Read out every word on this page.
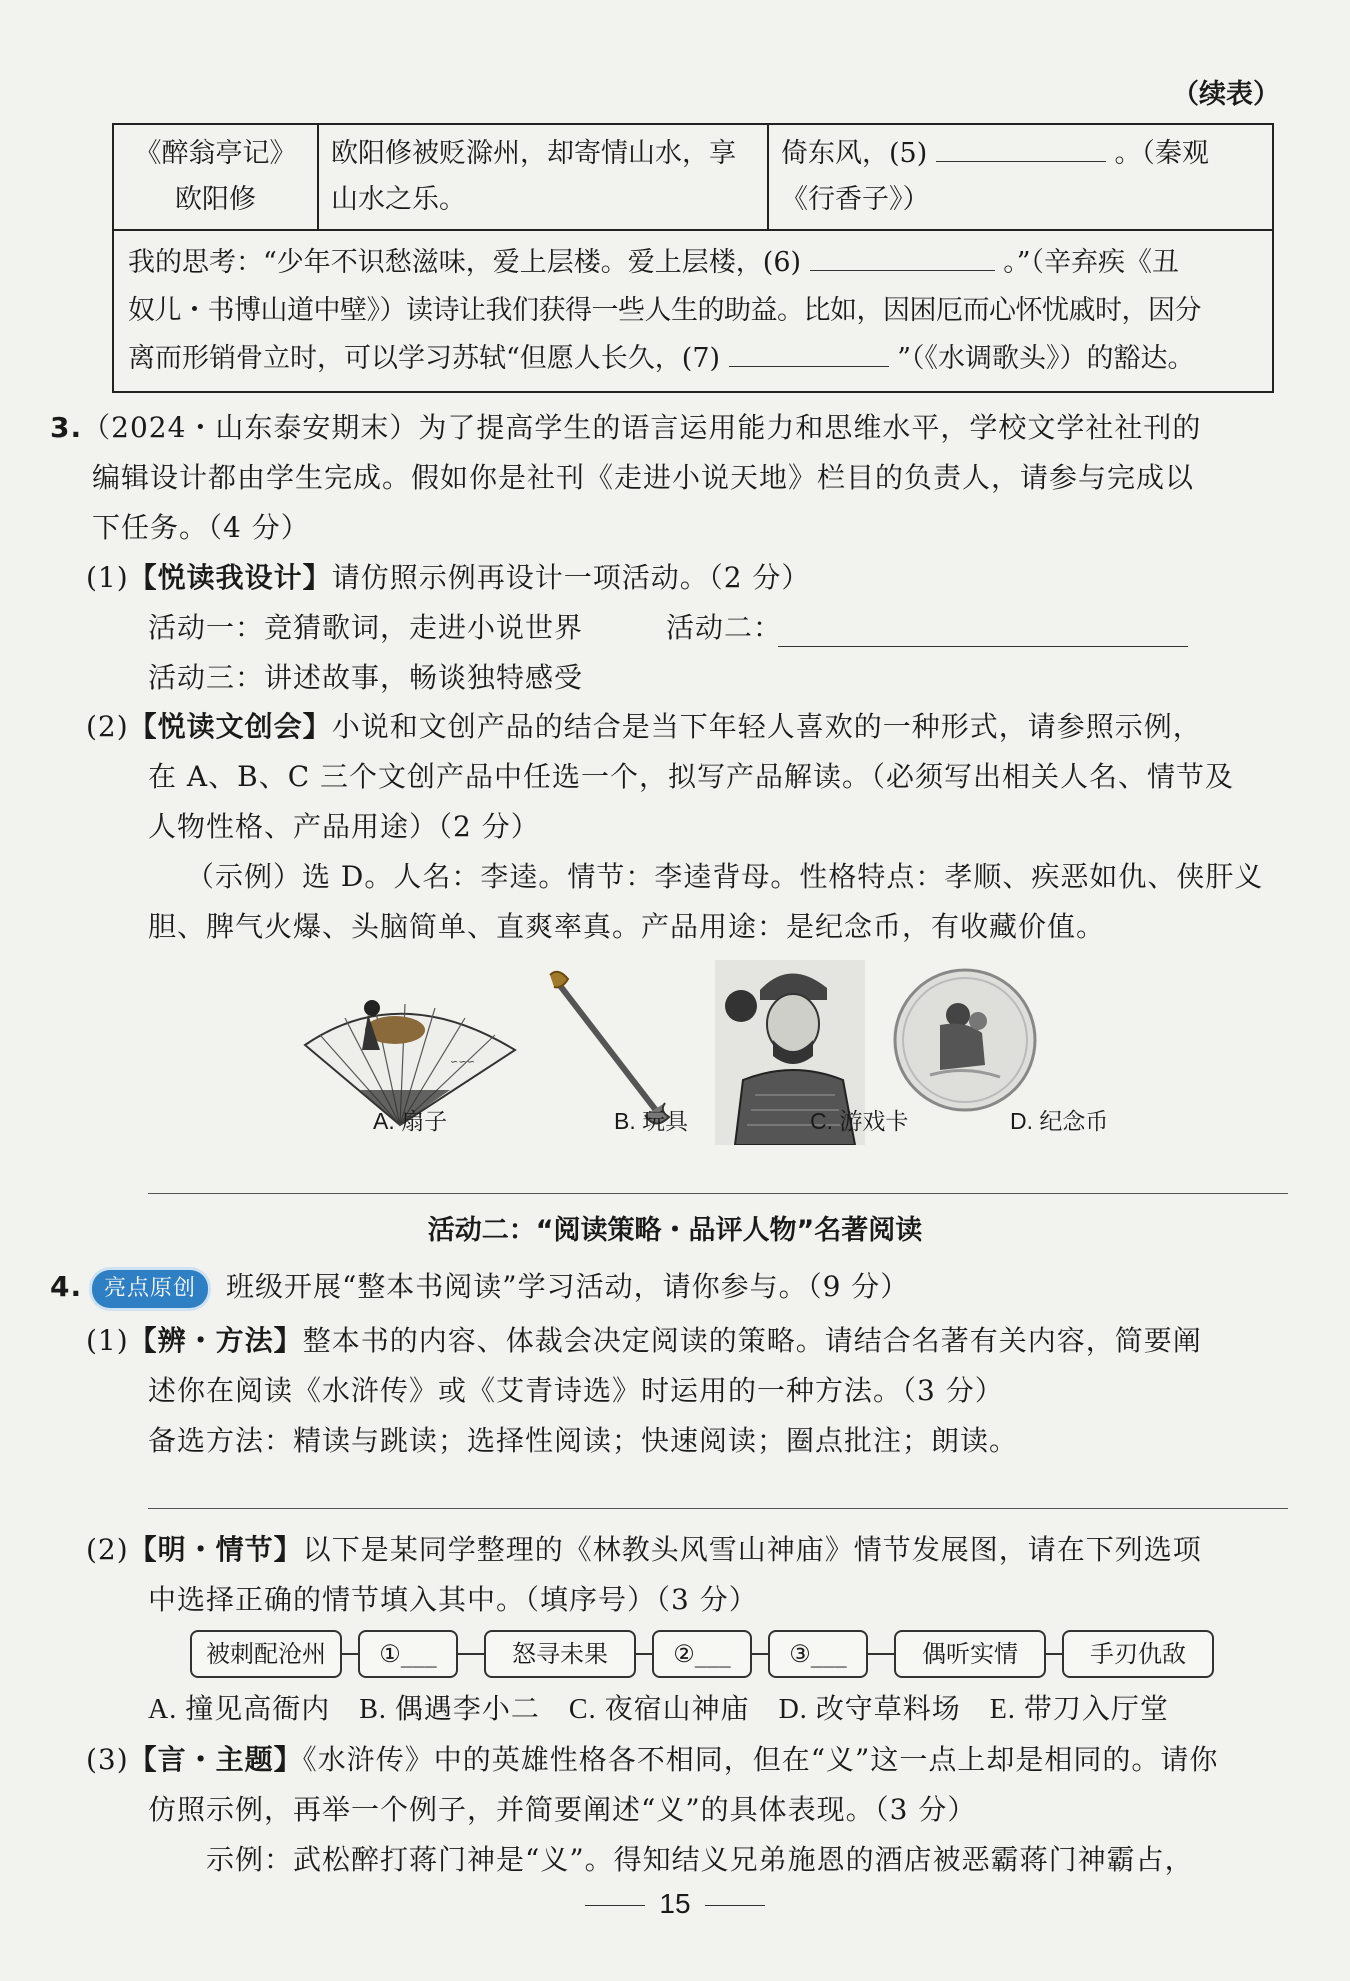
（续表）
《醉翁亭记》
欧阳修
	欧阳修被贬滁州，却寄情山水，享山水之乐。	倚东风，(5)	。（秦观
《行香子》）
我的思考：“少年不识愁滋味，爱上层楼。爱上层楼，(6)	。”（辛弃疾《丑
奴儿・书博山道中壁》）读诗让我们获得一些人生的助益。比如，因困厄而心怀忧戚时，因分
离而形销骨立时，可以学习苏轼“但愿人长久，(7)	”（《水调歌头》）的豁达。
3.（2024・山东泰安期末）为了提高学生的语言运用能力和思维水平，学校文学社社刊的
编辑设计都由学生完成。假如你是社刊《走进小说天地》栏目的负责人，请参与完成以
下任务。（4 分）
(1)【悦读我设计】请仿照示例再设计一项活动。（2 分）
活动一：竞猜歌词，走进小说世界	活动二：
活动三：讲述故事，畅谈独特感受
(2)【悦读文创会】小说和文创产品的结合是当下年轻人喜欢的一种形式，请参照示例，
在 A、B、C 三个文创产品中任选一个，拟写产品解读。（必须写出相关人名、情节及
人物性格、产品用途）（2 分）
（示例）选 D。人名：李逵。情节：李逵背母。性格特点：孝顺、疾恶如仇、侠肝义
胆、脾气火爆、头脑简单、直爽率真。产品用途：是纪念币，有收藏价值。
∽∽∽
A. 扇子	B. 玩具	C. 游戏卡	D. 纪念币
活动二：“阅读策略・品评人物”名著阅读
4. 亮点原创 班级开展“整本书阅读”学习活动，请你参与。（9 分）
(1)【辨・方法】整本书的内容、体裁会决定阅读的策略。请结合名著有关内容，简要阐
述你在阅读《水浒传》或《艾青诗选》时运用的一种方法。（3 分）
备选方法：精读与跳读；选择性阅读；快速阅读；圈点批注；朗读。
(2)【明・情节】以下是某同学整理的《林教头风雪山神庙》情节发展图，请在下列选项
中选择正确的情节填入其中。（填序号）（3 分）
被刺配沧州	①___	怒寻未果	②___	③___	偶听实情	手刃仇敌
A. 撞见高衙内　B. 偶遇李小二　C. 夜宿山神庙　D. 改守草料场　E. 带刀入厅堂
(3)【言・主题】《水浒传》中的英雄性格各不相同，但在“义”这一点上却是相同的。请你
仿照示例，再举一个例子，并简要阐述“义”的具体表现。（3 分）
示例：武松醉打蒋门神是“义”。得知结义兄弟施恩的酒店被恶霸蒋门神霸占，
15
